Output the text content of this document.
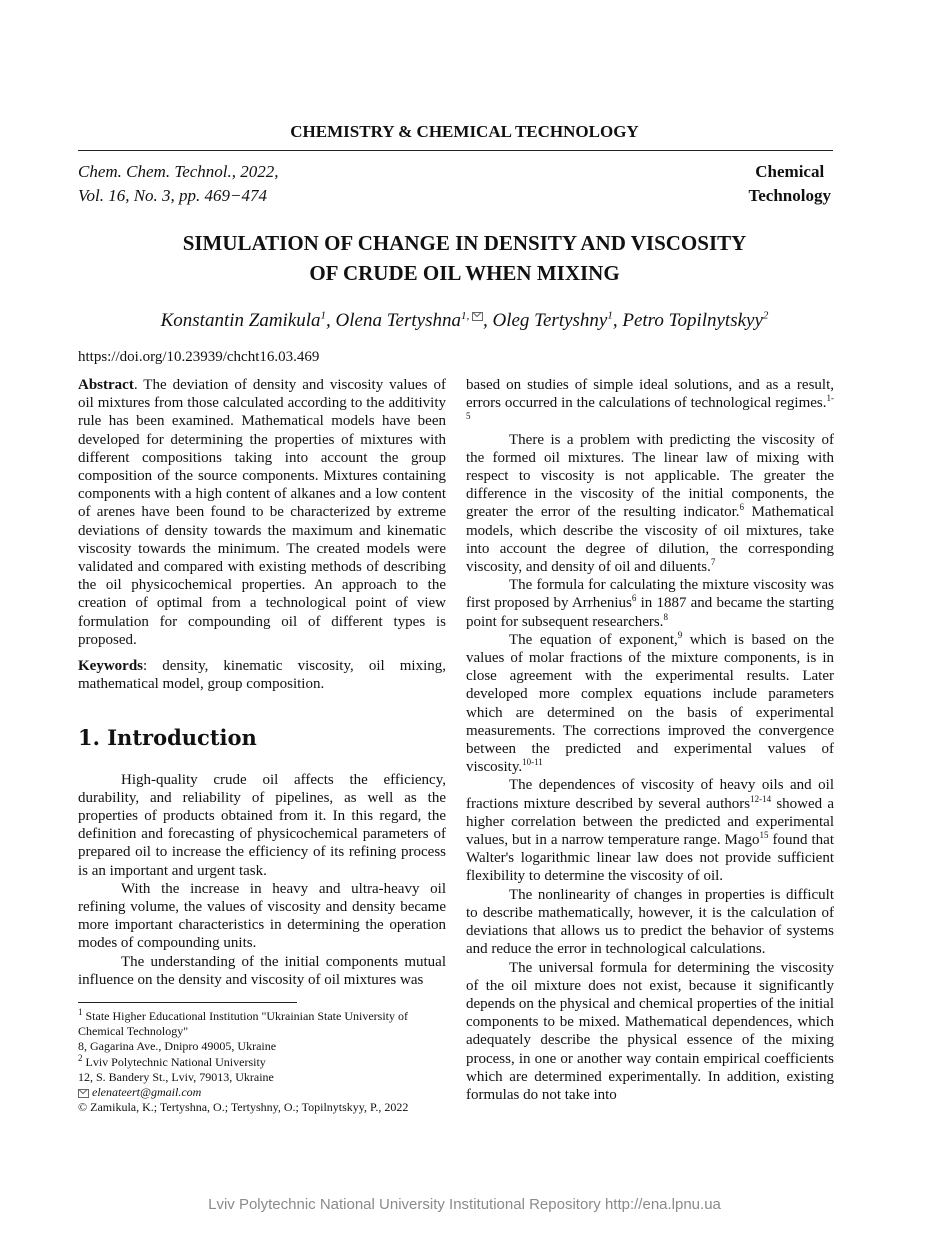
CHEMISTRY & CHEMICAL TECHNOLOGY
Chem. Chem. Technol., 2022,
Vol. 16, No. 3, pp. 469−474
Chemical
Technology
SIMULATION OF CHANGE IN DENSITY AND VISCOSITY
OF CRUDE OIL WHEN MIXING
Konstantin Zamikula$^1$, Olena Tertyshna$^{1,}$ , Oleg Tertyshny$^1$, Petro Topilnytskyy$^2$
https://doi.org/10.23939/chcht16.03.469

Abstract. The deviation of density and viscosity values of oil mixtures from those calculated according to the additivity rule has been examined. Mathematical models have been developed for determining the properties of mixtures with different compositions taking into account the group composition of the source components. Mixtures containing components with a high content of alkanes and a low content of arenes have been found to be characterized by extreme deviations of density towards the maximum and kinematic viscosity towards the minimum. The created models were validated and compared with existing methods of describing the oil physicochemical properties. An approach to the creation of optimal from a technological point of view formulation for compounding oil of different types is proposed.

Keywords: density, kinematic viscosity, oil mixing, mathematical model, group composition.

1. Introduction

High-quality crude oil affects the efficiency, durability, and reliability of pipelines, as well as the properties of products obtained from it. In this regard, the definition and forecasting of physicochemical parameters of prepared oil to increase the efficiency of its refining process is an important and urgent task.

With the increase in heavy and ultra-heavy oil refining volume, the values of viscosity and density became more important characteristics in determining the operation modes of compounding units.

The understanding of the initial components mutual influence on the density and viscosity of oil mixtures was

based on studies of simple ideal solutions, and as a result, errors occurred in the calculations of technological regimes.$^{1-5}$

There is a problem with predicting the viscosity of the formed oil mixtures. The linear law of mixing with respect to viscosity is not applicable. The greater the difference in the viscosity of the initial components, the greater the error of the resulting indicator.$^6$ Mathematical models, which describe the viscosity of oil mixtures, take into account the degree of dilution, the corresponding viscosity, and density of oil and diluents.$^7$

The formula for calculating the mixture viscosity was first proposed by Arrhenius$^6$ in 1887 and became the starting point for subsequent researchers.$^8$

The equation of exponent,$^9$ which is based on the values of molar fractions of the mixture components, is in close agreement with the experimental results. Later developed more complex equations include parameters which are determined on the basis of experimental measurements. The corrections improved the convergence between the predicted and experimental values of viscosity.$^{10-11}$

The dependences of viscosity of heavy oils and oil fractions mixture described by several authors$^{12-14}$ showed a higher correlation between the predicted and experimental values, but in a narrow temperature range. Mago$^{15}$ found that Walter's logarithmic linear law does not provide sufficient flexibility to determine the viscosity of oil.

The nonlinearity of changes in properties is difficult to describe mathematically, however, it is the calculation of deviations that allows us to predict the behavior of systems and reduce the error in technological calculations.

The universal formula for determining the viscosity of the oil mixture does not exist, because it significantly depends on the physical and chemical properties of the initial components to be mixed. Mathematical dependences, which adequately describe the physical essence of the mixing process, in one or another way contain empirical coefficients which are determined experimentally. In addition, existing formulas do not take into

$^1$ State Higher Educational Institution "Ukrainian State University of Chemical Technology"
8, Gagarina Ave., Dnipro 49005, Ukraine
$^2$ Lviv Polytechnic National University
12, S. Bandery St., Lviv, 79013, Ukraine
elenateert@gmail.com
© Zamikula, K.; Tertyshna, O.; Tertyshny, O.; Topilnytskyy, P., 2022
Lviv Polytechnic National University Institutional Repository http://ena.lpnu.ua
